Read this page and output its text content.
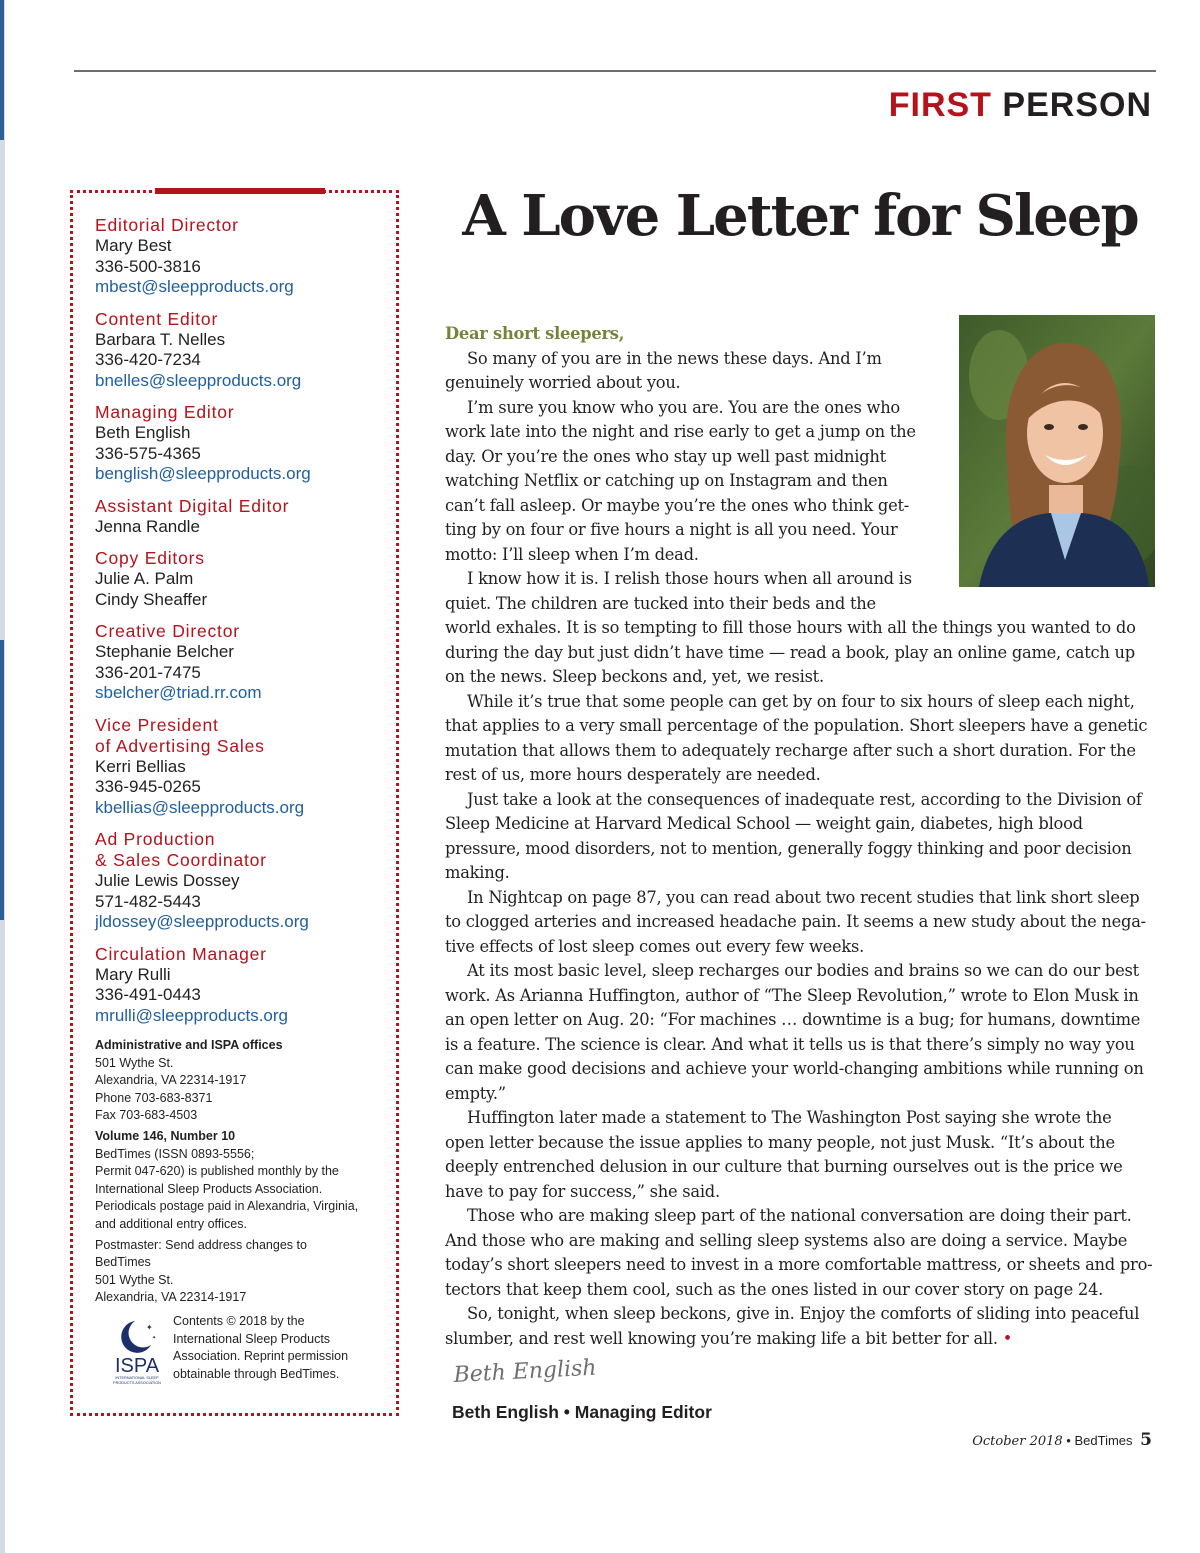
FIRST PERSON
A Love Letter for Sleep
Editorial Director
Mary Best
336-500-3816
mbest@sleepproducts.org
Content Editor
Barbara T. Nelles
336-420-7234
bnelles@sleepproducts.org
Managing Editor
Beth English
336-575-4365
benglish@sleepproducts.org
Assistant Digital Editor
Jenna Randle
Copy Editors
Julie A. Palm
Cindy Sheaffer
Creative Director
Stephanie Belcher
336-201-7475
sbelcher@triad.rr.com
Vice President
of Advertising Sales
Kerri Bellias
336-945-0265
kbellias@sleepproducts.org
Ad Production
& Sales Coordinator
Julie Lewis Dossey
571-482-5443
jldossey@sleepproducts.org
Circulation Manager
Mary Rulli
336-491-0443
mrulli@sleepproducts.org
Administrative and ISPA offices
501 Wythe St.
Alexandria, VA 22314-1917
Phone 703-683-8371
Fax 703-683-4503
Volume 146, Number 10
BedTimes (ISSN 0893-5556;
Permit 047-620) is published monthly by the
International Sleep Products Association.
Periodicals postage paid in Alexandria, Virginia,
and additional entry offices.
Postmaster: Send address changes to
BedTimes
501 Wythe St.
Alexandria, VA 22314-1917
✦
✦
ISPA
INTERNATIONAL SLEEP
PRODUCTS ASSOCIATION
Contents © 2018 by the
International Sleep Products
Association. Reprint permission
obtainable through BedTimes.
Dear short sleepers,

So many of you are in the news these days. And I’m genuinely worried about you.

I’m sure you know who you are. You are the ones who work late into the night and rise early to get a jump on the day. Or you’re the ones who stay up well past midnight watching Netflix or catching up on Instagram and then can’t fall asleep. Or maybe you’re the ones who think getting by on four or five hours a night is all you need. Your motto: I’ll sleep when I’m dead.

I know how it is. I relish those hours when all around is quiet. The children are tucked into their beds and the world exhales. It is so tempting to fill those hours with all the things you wanted to do during the day but just didn’t have time — read a book, play an online game, catch up on the news. Sleep beckons and, yet, we resist.

While it’s true that some people can get by on four to six hours of sleep each night, that applies to a very small percentage of the population. Short sleepers have a genetic mutation that allows them to adequately recharge after such a short duration. For the rest of us, more hours desperately are needed.

Just take a look at the consequences of inadequate rest, according to the Division of Sleep Medicine at Harvard Medical School — weight gain, diabetes, high blood pressure, mood disorders, not to mention, generally foggy thinking and poor decision making.

In Nightcap on page 87, you can read about two recent studies that link short sleep to clogged arteries and increased headache pain. It seems a new study about the negative effects of lost sleep comes out every few weeks.

At its most basic level, sleep recharges our bodies and brains so we can do our best work. As Arianna Huffington, author of “The Sleep Revolution,” wrote to Elon Musk in an open letter on Aug. 20: “For machines … downtime is a bug; for humans, downtime is a feature. The science is clear. And what it tells us is that there’s simply no way you can make good decisions and achieve your world-changing ambitions while running on empty.”

Huffington later made a statement to The Washington Post saying she wrote the open letter because the issue applies to many people, not just Musk. “It’s about the deeply entrenched delusion in our culture that burning ourselves out is the price we have to pay for success,” she said.

Those who are making sleep part of the national conversation are doing their part. And those who are making and selling sleep systems also are doing a service. Maybe today’s short sleepers need to invest in a more comfortable mattress, or sheets and protectors that keep them cool, such as the ones listed in our cover story on page 24.

So, tonight, when sleep beckons, give in. Enjoy the comforts of sliding into peaceful slumber, and rest well knowing you’re making life a bit better for all. •

Beth English

Beth English • Managing Editor

October 2018 • BedTimes 5
